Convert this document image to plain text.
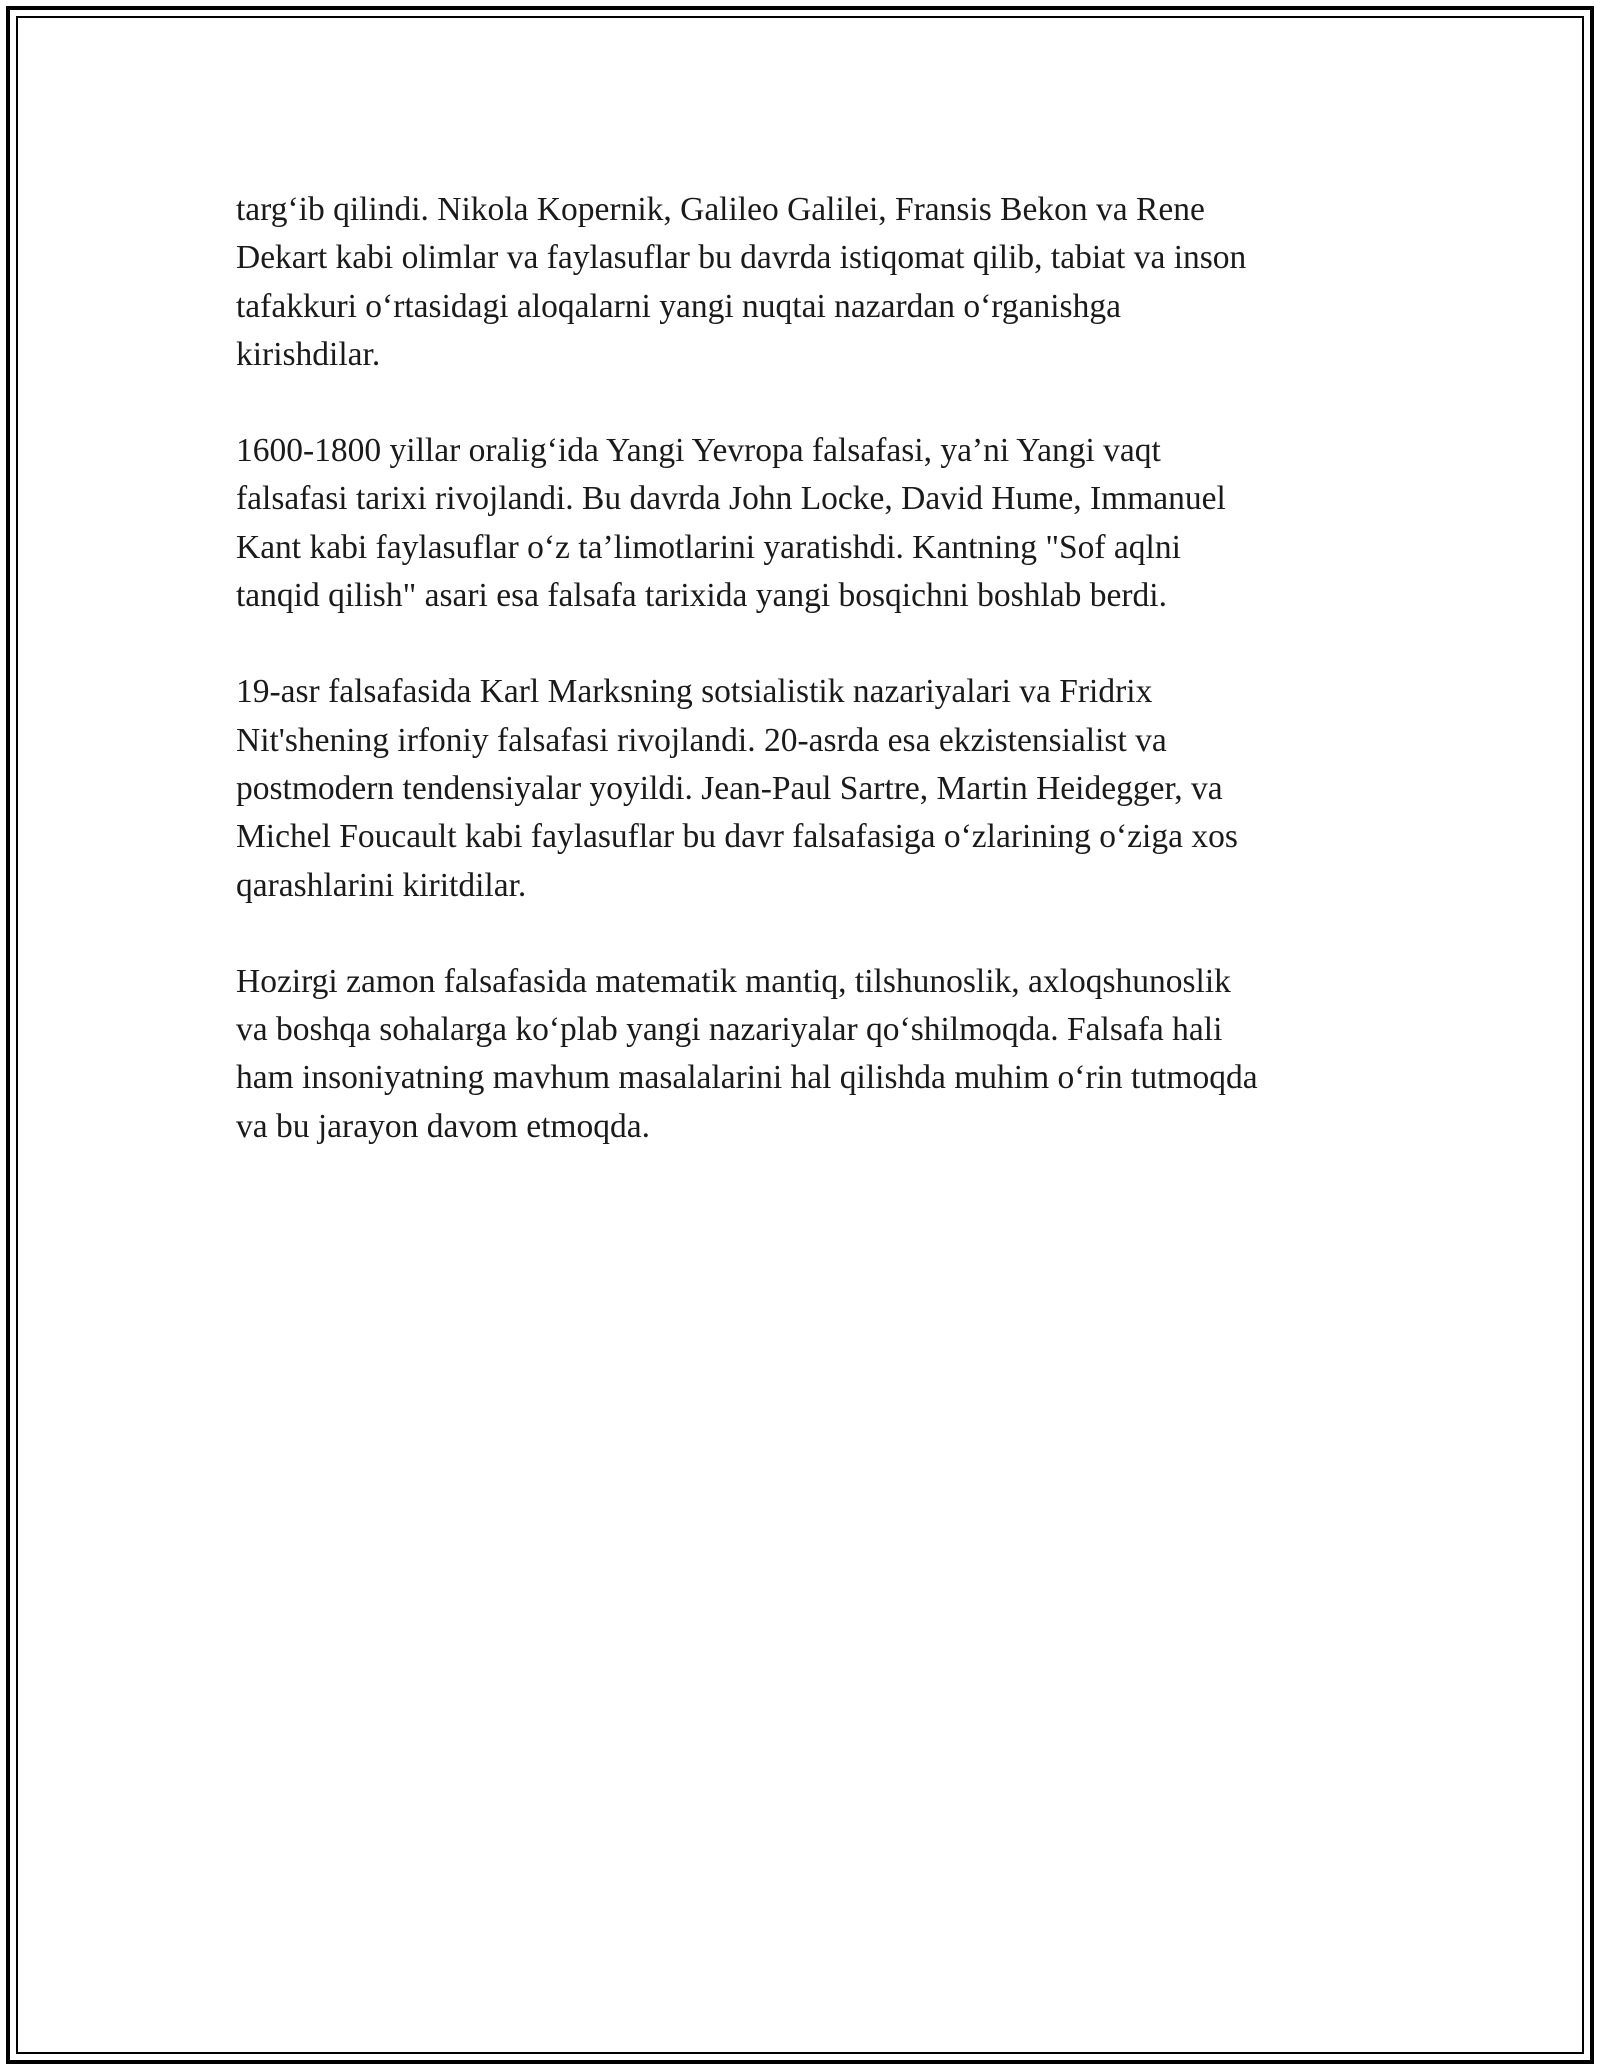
targ‘ib qilindi. Nikola Kopernik, Galileo Galilei, Fransis Bekon va Rene
Dekart kabi olimlar va faylasuflar bu davrda istiqomat qilib, tabiat va inson
tafakkuri o‘rtasidagi aloqalarni yangi nuqtai nazardan o‘rganishga
kirishdilar.

1600-1800 yillar oralig‘ida Yangi Yevropa falsafasi, ya’ni Yangi vaqt
falsafasi tarixi rivojlandi. Bu davrda John Locke, David Hume, Immanuel
Kant kabi faylasuflar o‘z ta’limotlarini yaratishdi. Kantning "Sof aqlni
tanqid qilish" asari esa falsafa tarixida yangi bosqichni boshlab berdi.

19-asr falsafasida Karl Marksning sotsialistik nazariyalari va Fridrix
Nit'shening irfoniy falsafasi rivojlandi. 20-asrda esa ekzistensialist va
postmodern tendensiyalar yoyildi. Jean-Paul Sartre, Martin Heidegger, va
Michel Foucault kabi faylasuflar bu davr falsafasiga o‘zlarining o‘ziga xos
qarashlarini kiritdilar.

Hozirgi zamon falsafasida matematik mantiq, tilshunoslik, axloqshunoslik
va boshqa sohalarga ko‘plab yangi nazariyalar qo‘shilmoqda. Falsafa hali
ham insoniyatning mavhum masalalarini hal qilishda muhim o‘rin tutmoqda
va bu jarayon davom etmoqda.
